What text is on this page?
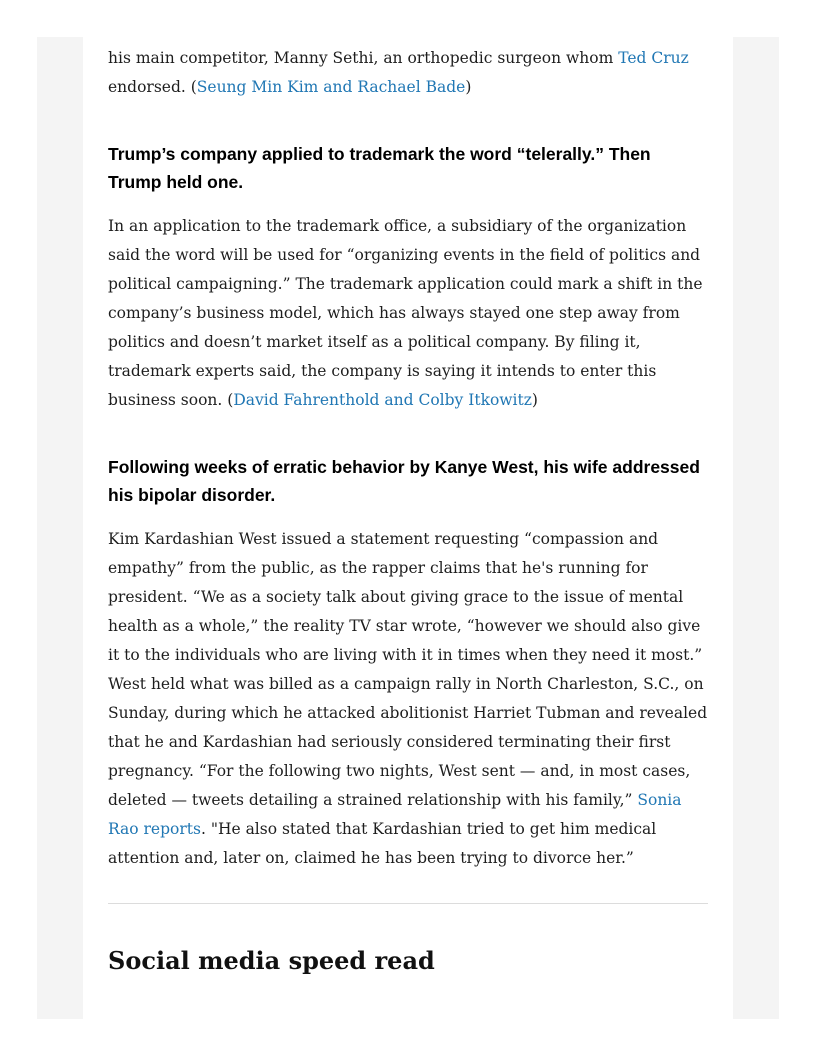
his main competitor, Manny Sethi, an orthopedic surgeon whom Ted Cruz endorsed. (Seung Min Kim and Rachael Bade)

Trump’s company applied to trademark the word “telerally.” Then Trump held one.

In an application to the trademark office, a subsidiary of the organization said the word will be used for “organizing events in the field of politics and political campaigning.” The trademark application could mark a shift in the company’s business model, which has always stayed one step away from politics and doesn’t market itself as a political company. By filing it, trademark experts said, the company is saying it intends to enter this business soon. (David Fahrenthold and Colby Itkowitz)

Following weeks of erratic behavior by Kanye West, his wife addressed his bipolar disorder.

Kim Kardashian West issued a statement requesting “compassion and empathy” from the public, as the rapper claims that he's running for president. “We as a society talk about giving grace to the issue of mental health as a whole,” the reality TV star wrote, “however we should also give it to the individuals who are living with it in times when they need it most.” West held what was billed as a campaign rally in North Charleston, S.C., on Sunday, during which he attacked abolitionist Harriet Tubman and revealed that he and Kardashian had seriously considered terminating their first pregnancy. “For the following two nights, West sent — and, in most cases, deleted — tweets detailing a strained relationship with his family,” Sonia Rao reports. "He also stated that Kardashian tried to get him medical attention and, later on, claimed he has been trying to divorce her.”

Social media speed read
